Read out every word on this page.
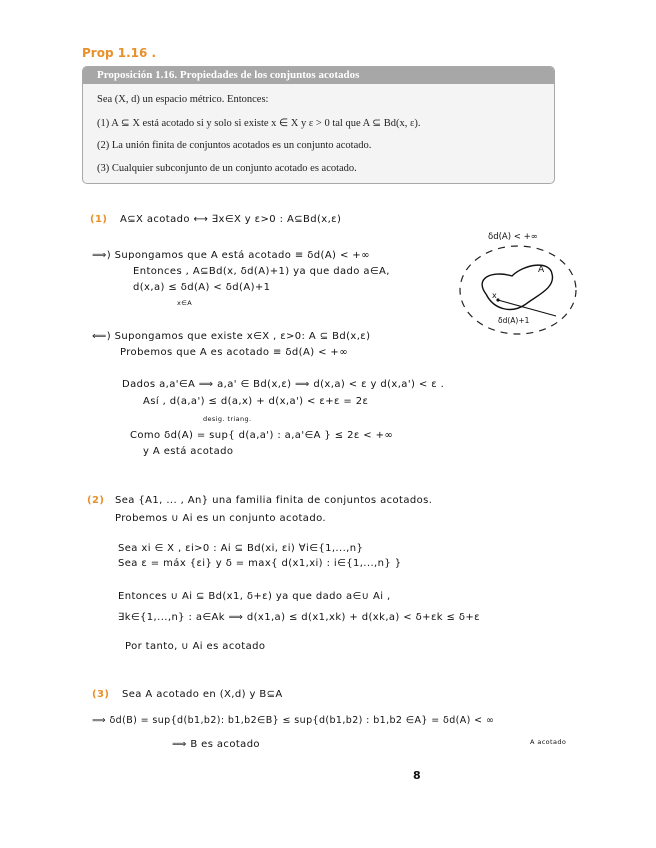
Prop 1.16 .
Proposición 1.16. Propiedades de los conjuntos acotados
Sea (X, d) un espacio métrico. Entonces:
(1) A ⊆ X está acotado si y solo si existe x ∈ X y ε > 0 tal que A ⊆ Bd(x, ε).
(2) La unión finita de conjuntos acotados es un conjunto acotado.
(3) Cualquier subconjunto de un conjunto acotado es acotado.
(1) A⊆X acotado ⟷ ∃x∈X y ε>0 : A⊆Bd(x,ε)
⟹) Supongamos que A está acotado ≡ δd(A) < +∞
Entonces , A⊆Bd(x, δd(A)+1) ya que dado a∈A,
d(x,a) ≤ δd(A) < δd(A)+1
x∈A
⟸) Supongamos que existe x∈X , ε>0: A ⊆ Bd(x,ε)
Probemos que A es acotado ≡ δd(A) < +∞
Dados a,a'∈A ⟹ a,a' ∈ Bd(x,ε) ⟹ d(x,a) < ε y d(x,a') < ε .
Así , d(a,a') ≤ d(a,x) + d(x,a') < ε+ε = 2ε
desig. triang.
Como δd(A) = sup{ d(a,a') : a,a'∈A } ≤ 2ε < +∞
y A está acotado
δd(A) < +∞
A
x
δd(A)+1
(2) Sea {A1, ... , An} una familia finita de conjuntos acotados.
Probemos ∪ Ai es un conjunto acotado.
Sea xi ∈ X , εi>0 : Ai ⊆ Bd(xi, εi) ∀i∈{1,...,n}
Sea ε = máx {εi} y δ = max{ d(x1,xi) : i∈{1,...,n} }
Entonces ∪ Ai ⊆ Bd(x1, δ+ε) ya que dado a∈∪ Ai ,
∃k∈{1,...,n} : a∈Ak ⟹ d(x1,a) ≤ d(x1,xk) + d(xk,a) < δ+εk ≤ δ+ε
Por tanto, ∪ Ai es acotado
(3) Sea A acotado en (X,d) y B⊆A
⟹ δd(B) = sup{d(b1,b2): b1,b2∈B} ≤ sup{d(b1,b2) : b1,b2 ∈A} = δd(A) < ∞
⟹ B es acotado	A acotado
8
